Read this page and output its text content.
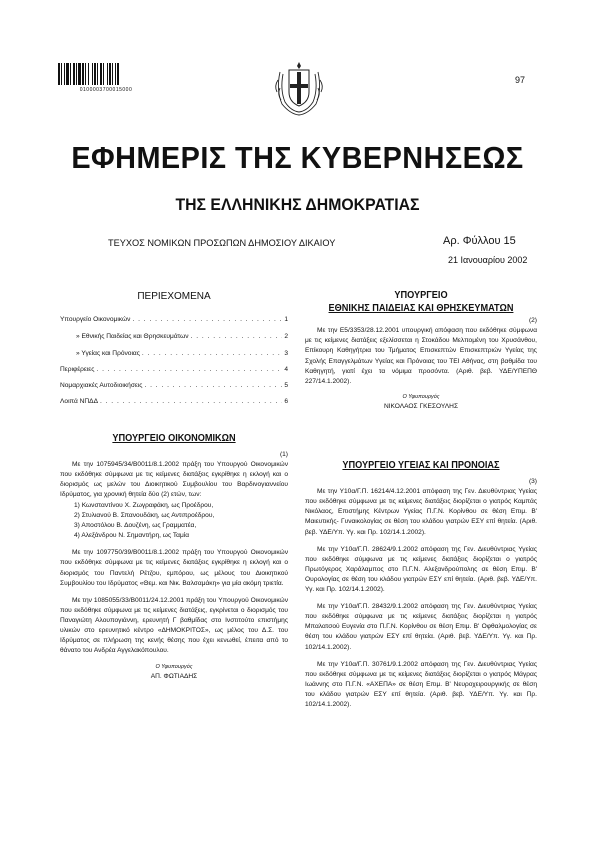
0100003700015000
97
ΕΦΗΜΕΡΙΣ ΤΗΣ ΚΥΒΕΡΝΗΣΕΩΣ
ΤΗΣ ΕΛΛΗΝΙΚΗΣ ΔΗΜΟΚΡΑΤΙΑΣ
ΤΕΥΧΟΣ ΝΟΜΙΚΩΝ ΠΡΟΣΩΠΩΝ ΔΗΜΟΣΙΟΥ ΔΙΚΑΙΟΥ	Αρ. Φύλλου 15
21 Ιανουαρίου 2002
ΠΕΡΙΕΧΟΜΕΝΑ
Υπουργείο Οικονομικών . . .	1
» Εθνικής Παιδείας και Θρησκευμάτων . . .	2
» Υγείας και Πρόνοιας . . .	3
Περιφέρειες . . .	4
Νομαρχιακές Αυτοδιοικήσεις . . .	5
Λοιπά ΝΠΔΔ . . .	6
ΥΠΟΥΡΓΕΙΟ ΟΙΚΟΝΟΜΙΚΩΝ
(1)

Με την 1075945/34/Β0011/8.1.2002 πράξη του Υπουργού Οικονομικών που εκδόθηκε σύμφωνα με τις κείμενες διατάξεις εγκρίθηκε η εκλογή και ο διορισμός ως μελών του Διοικητικού Συμβουλίου του Βαρδινογιαννείου Ιδρύματος, για χρονική θητεία δύο (2) ετών, των:

1) Κωνσταντίνου Χ. Ζωγραφάκη, ως Προέδρου,
2) Στυλιανού Β. Σπανουδάκη, ως Αντιπροέδρου,
3) Αποστόλου Β. Δουζένη, ως Γραμματέα,
4) Αλεξάνδρου Ν. Σημαντήρη, ως Ταμία

Με την 1097750/39/Β0011/8.1.2002 πράξη του Υπουργού Οικονομικών που εκδόθηκε σύμφωνα με τις κείμενες διατάξεις εγκρίθηκε η εκλογή και ο διορισμός του Παντελή Ρέτζου, εμπόρου, ως μέλους του Διοικητικού Συμβουλίου του Ιδρύματος «Θεμ. και Νικ. Βαλσαμάκη» για μία ακόμη τριετία.

Με την 1085055/33/Β0011/24.12.2001 πράξη του Υπουργού Οικονομικών που εκδόθηκε σύμφωνα με τις κείμενες διατάξεις, εγκρίνεται ο διορισμός του Παναγιώτη Αλουπογιάννη, ερευνητή Γ βαθμίδας στο Ινστιτούτο επιστήμης υλικών στο ερευνητικό κέντρο «ΔΗΜΟΚΡΙΤΟΣ», ως μέλος του Δ.Σ. του Ιδρύματος σε πλήρωση της κενής θέσης που έχει κενωθεί, έπειτα από το θάνατο του Ανδρέα Αγγελακόπουλου.

Ο Υφυπουργός
ΑΠ. ΦΩΤΙΑΔΗΣ
ΥΠΟΥΡΓΕΙΟ
ΕΘΝΙΚΗΣ ΠΑΙΔΕΙΑΣ ΚΑΙ ΘΡΗΣΚΕΥΜΑΤΩΝ
(2)

Με την Ε5/3353/28.12.2001 υπουργική απόφαση που εκδόθηκε σύμφωνα με τις κείμενες διατάξεις εξελίσσεται η Στοκάδου Μελπομένη του Χρυσάνθου, Επίκουρη Καθηγήτρια του Τμήματος Επισκεπτών Επισκεπτριών Υγείας της Σχολής Επαγγελμάτων Υγείας και Πρόνοιας του ΤΕΙ Αθήνας, στη βαθμίδα του Καθηγητή, γιατί έχει τα νόμιμα προσόντα. (Αριθ. βεβ. ΥΔΕ/ΥΠΕΠΘ 227/14.1.2002).

Ο Υφυπουργός
ΝΙΚΟΛΑΟΣ ΓΚΕΣΟΥΛΗΣ
ΥΠΟΥΡΓΕΙΟ ΥΓΕΙΑΣ ΚΑΙ ΠΡΟΝΟΙΑΣ
(3)

Με την Υ10α/Γ.Π. 16214/4.12.2001 απόφαση της Γεν. Διευθύντριας Υγείας που εκδόθηκε σύμφωνα με τις κείμενες διατάξεις διορίζεται ο γιατρός Καμπάς Νικόλαος, Επιστήμης Κέντρων Υγείας Π.Γ.Ν. Κορίνθου σε θέση Επιμ. Β' Μαιευτικής- Γυναικολογίας σε θέση του κλάδου γιατρών ΕΣΥ επί θητεία. (Αριθ. βεβ. ΥΔΕ/Υπ. Υγ. και Πρ. 102/14.1.2002).

Με την Υ10α/Γ.Π. 28624/9.1.2002 απόφαση της Γεν. Διευθύντριας Υγείας που εκδόθηκε σύμφωνα με τις κείμενες διατάξεις διορίζεται ο γιατρός Πρωτόγερος Χαράλαμπος στο Π.Γ.Ν. Αλεξανδρούπολης σε θέση Επιμ. Β' Ουρολογίας σε θέση του κλάδου γιατρών ΕΣΥ επί θητεία. (Αριθ. βεβ. ΥΔΕ/Υπ. Υγ. και Πρ. 102/14.1.2002).

Με την Υ10α/Γ.Π. 28432/9.1.2002 απόφαση της Γεν. Διευθύντριας Υγείας που εκδόθηκε σύμφωνα με τις κείμενες διατάξεις διορίζεται η γιατρός Μπαλατσού Ευγενία στο Π.Γ.Ν. Κορίνθου σε θέση Επιμ. Β' Οφθαλμολογίας σε θέση του κλάδου γιατρών ΕΣΥ επί θητεία. (Αριθ. βεβ. ΥΔΕ/Υπ. Υγ. και Πρ. 102/14.1.2002).

Με την Υ10α/Γ.Π. 30761/9.1.2002 απόφαση της Γεν. Διευθύντριας Υγείας που εκδόθηκε σύμφωνα με τις κείμενες διατάξεις διορίζεται ο γιατρός Μάγρας Ιωάννης στο Π.Γ.Ν. «ΑΧΕΠΑ» σε θέση Επιμ. Β' Νευροχειρουργικής σε θέση του κλάδου γιατρών ΕΣΥ επί θητεία. (Αριθ. βεβ. ΥΔΕ/Υπ. Υγ. και Πρ. 102/14.1.2002).
